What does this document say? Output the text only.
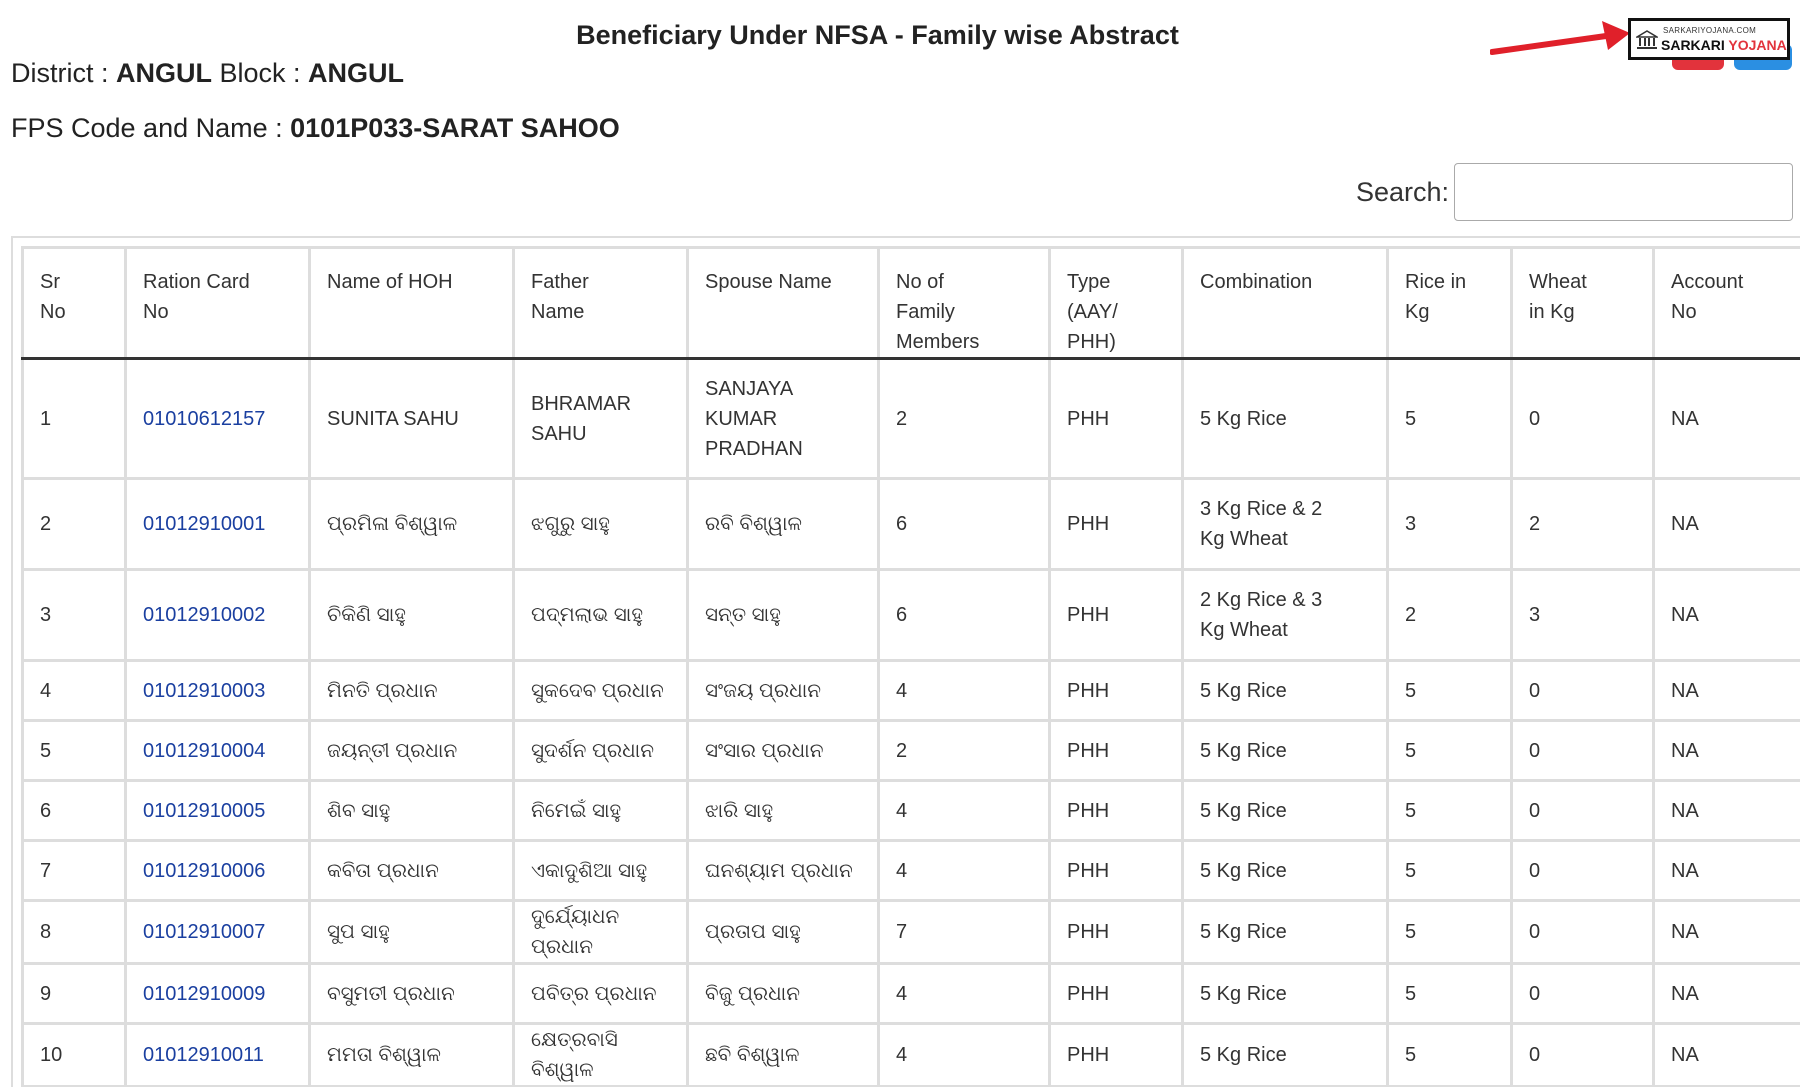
Beneficiary Under NFSA - Family wise Abstract
District : ANGUL Block : ANGUL
FPS Code and Name : 0101P033-SARAT SAHOO
SARKARIYOJANA.COM
SARKARI YOJANA
Search:
Sr No	Ration Card No	Name of HOH	Father Name	Spouse Name	No of Family Members	Type (AAY/ PHH)	Combination	Rice in Kg	Wheat in Kg	Account No
1	01010612157	SUNITA SAHU	BHRAMAR SAHU	SANJAYA KUMAR PRADHAN	2	PHH	5 Kg Rice	5	0	NA
2	01012910001	ପ୍ରମିଳା ବିଶ୍ୱାଳ	ଝଗୁରୁ ସାହୁ	ରବି ବିଶ୍ୱାଳ	6	PHH	3 Kg Rice & 2 Kg Wheat	3	2	NA
3	01012910002	ଚିକିଣି ସାହୁ	ପଦ୍ମଲାଭ ସାହୁ	ସନ୍ତ ସାହୁ	6	PHH	2 Kg Rice & 3 Kg Wheat	2	3	NA
4	01012910003	ମିନତି ପ୍ରଧାନ	ସୁକଦେବ ପ୍ରଧାନ	ସଂଜୟ ପ୍ରଧାନ	4	PHH	5 Kg Rice	5	0	NA
5	01012910004	ଜୟନ୍ତୀ ପ୍ରଧାନ	ସୁଦର୍ଶନ ପ୍ରଧାନ	ସଂସାର ପ୍ରଧାନ	2	PHH	5 Kg Rice	5	0	NA
6	01012910005	ଶିବ ସାହୁ	ନିମେଇଁ ସାହୁ	ଝାରି ସାହୁ	4	PHH	5 Kg Rice	5	0	NA
7	01012910006	କବିତା ପ୍ରଧାନ	ଏକାଦୁଶିଆ ସାହୁ	ଘନଶ୍ୟାମ ପ୍ରଧାନ	4	PHH	5 Kg Rice	5	0	NA
8	01012910007	ସୁପ ସାହୁ	ଦୁର୍ଯ୍ୟୋଧନ ପ୍ରଧାନ	ପ୍ରତାପ ସାହୁ	7	PHH	5 Kg Rice	5	0	NA
9	01012910009	ବସୁମତୀ ପ୍ରଧାନ	ପବିତ୍ର ପ୍ରଧାନ	ବିଜୁ ପ୍ରଧାନ	4	PHH	5 Kg Rice	5	0	NA
10	01012910011	ମମତା ବିଶ୍ୱାଳ	କ୍ଷେତ୍ରବାସି ବିଶ୍ୱାଳ	ଛବି ବିଶ୍ୱାଳ	4	PHH	5 Kg Rice	5	0	NA
